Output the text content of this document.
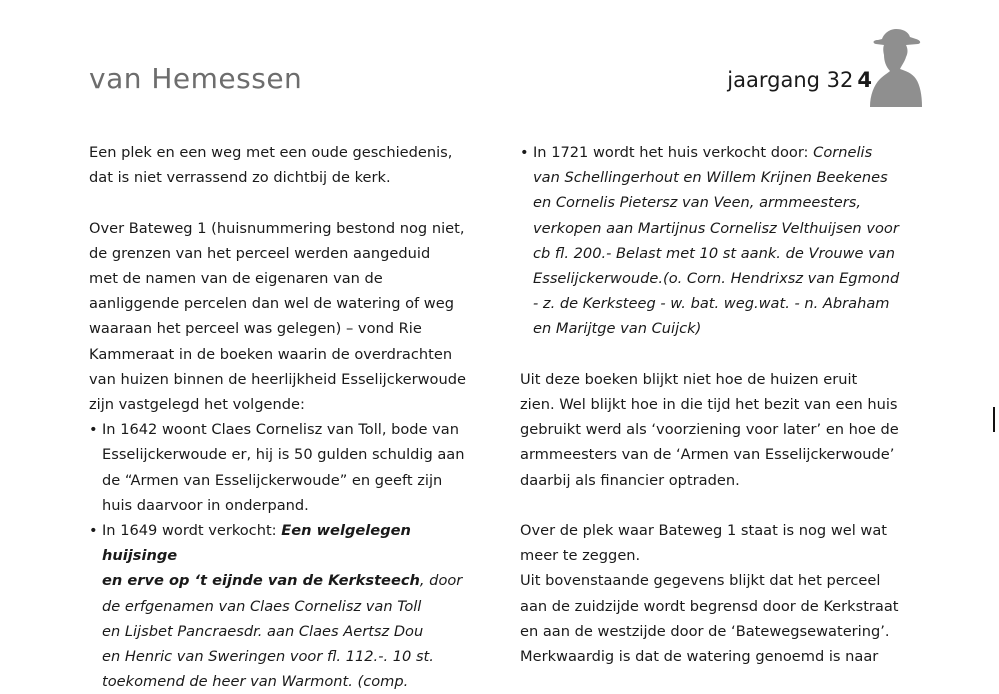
van Hemessen	jaargang 32 4

Een plek en een weg met een oude geschiedenis,
dat is niet verrassend zo dichtbij de kerk.

Over Bateweg 1 (huisnummering bestond nog niet,
de grenzen van het perceel werden aangeduid
met de namen van de eigenaren van de
aanliggende percelen dan wel de watering of weg
waaraan het perceel was gelegen) – vond Rie
Kammeraat in de boeken waarin de overdrachten
van huizen binnen de heerlijkheid Esselijckerwoude
zijn vastgelegd het volgende:

• In 1642 woont Claes Cornelisz van Toll, bode van
Esselijckerwoude er, hij is 50 gulden schuldig aan
de “Armen van Esselijckerwoude” en geeft zijn
huis daarvoor in onderpand.

• In 1649 wordt verkocht: Een welgelegen huijsinge
en erve op ‘t eijnde van de Kerksteech, door
de erfgenamen van Claes Cornelisz van Toll
en Lijsbet Pancraesdr. aan Claes Aertsz Dou
en Henric van Sweringen voor fl. 112.-. 10 st.
toekomend de heer van Warmont. (comp.

• In 1721 wordt het huis verkocht door: Cornelis
van Schellingerhout en Willem Krijnen Beekenes
en Cornelis Pietersz van Veen, armmeesters,
verkopen aan Martijnus Cornelisz Velthuijsen voor
cb fl. 200.- Belast met 10 st aank. de Vrouwe van
Esselijckerwoude.(o. Corn. Hendrixsz van Egmond
- z. de Kerksteeg - w. bat. weg.wat. - n. Abraham
en Marijtge van Cuijck)

Uit deze boeken blijkt niet hoe de huizen eruit
zien. Wel blijkt hoe in die tijd het bezit van een huis
gebruikt werd als ‘voorziening voor later’ en hoe de
armmeesters van de ‘Armen van Esselijckerwoude’
daarbij als financier optraden.

Over de plek waar Bateweg 1 staat is nog wel wat
meer te zeggen.

Uit bovenstaande gegevens blijkt dat het perceel
aan de zuidzijde wordt begrensd door de Kerkstraat
en aan de westzijde door de ‘Batewegsewatering’.
Merkwaardig is dat de watering genoemd is naar
